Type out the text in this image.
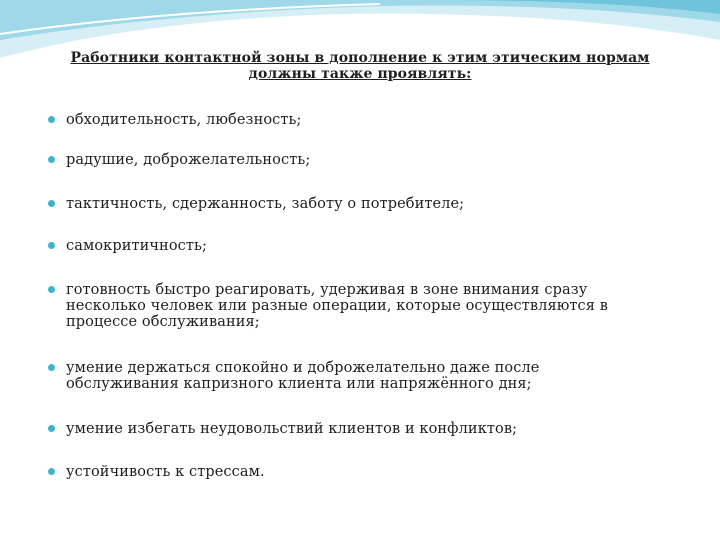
Работники контактной зоны в дополнение к этим этическим нормам
должны также проявлять:
обходительность, любезность;
радушие, доброжелательность;
тактичность, сдержанность, заботу о потребителе;
самокритичность;
готовность быстро реагировать, удерживая в зоне внимания сразу
несколько человек или разные операции, которые осуществляются в
процессе обслуживания;
умение держаться спокойно и доброжелательно даже после
обслуживания капризного клиента или напряжённого дня;
умение избегать неудовольствий клиентов и конфликтов;
устойчивость к стрессам.
